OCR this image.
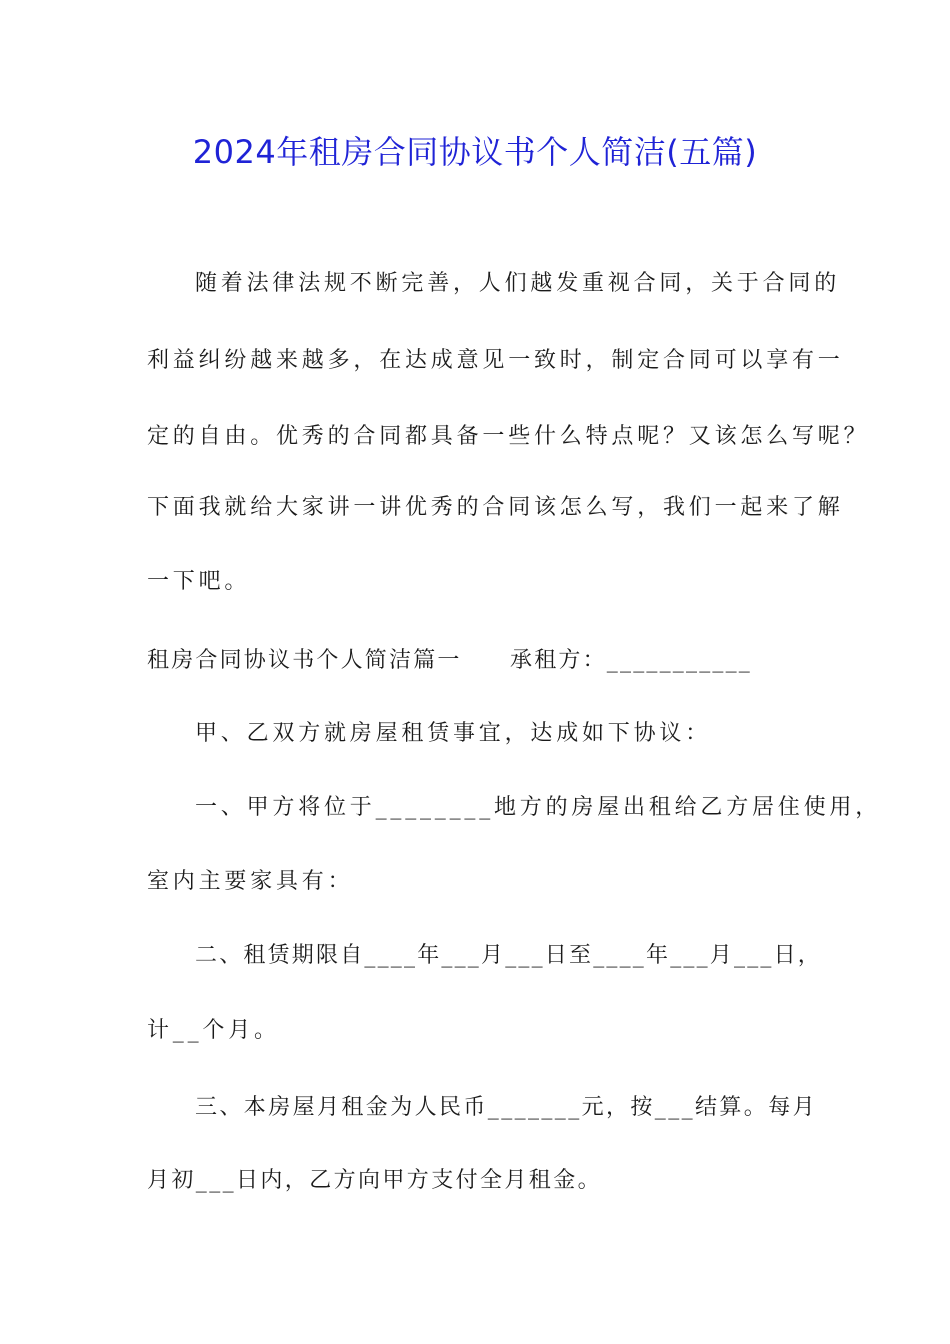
2024年租房合同协议书个人简洁(五篇)
随着法律法规不断完善，人们越发重视合同，关于合同的
利益纠纷越来越多，在达成意见一致时，制定合同可以享有一
定的自由。优秀的合同都具备一些什么特点呢？又该怎么写呢？
下面我就给大家讲一讲优秀的合同该怎么写，我们一起来了解
一下吧。
租房合同协议书个人简洁篇一　　承租方：___________
甲、乙双方就房屋租赁事宜，达成如下协议：
一、甲方将位于________地方的房屋出租给乙方居住使用，
室内主要家具有：
二、租赁期限自____年___月___日至____年___月___日，
计__个月。
三、本房屋月租金为人民币_______元，按___结算。每月
月初___日内，乙方向甲方支付全月租金。
